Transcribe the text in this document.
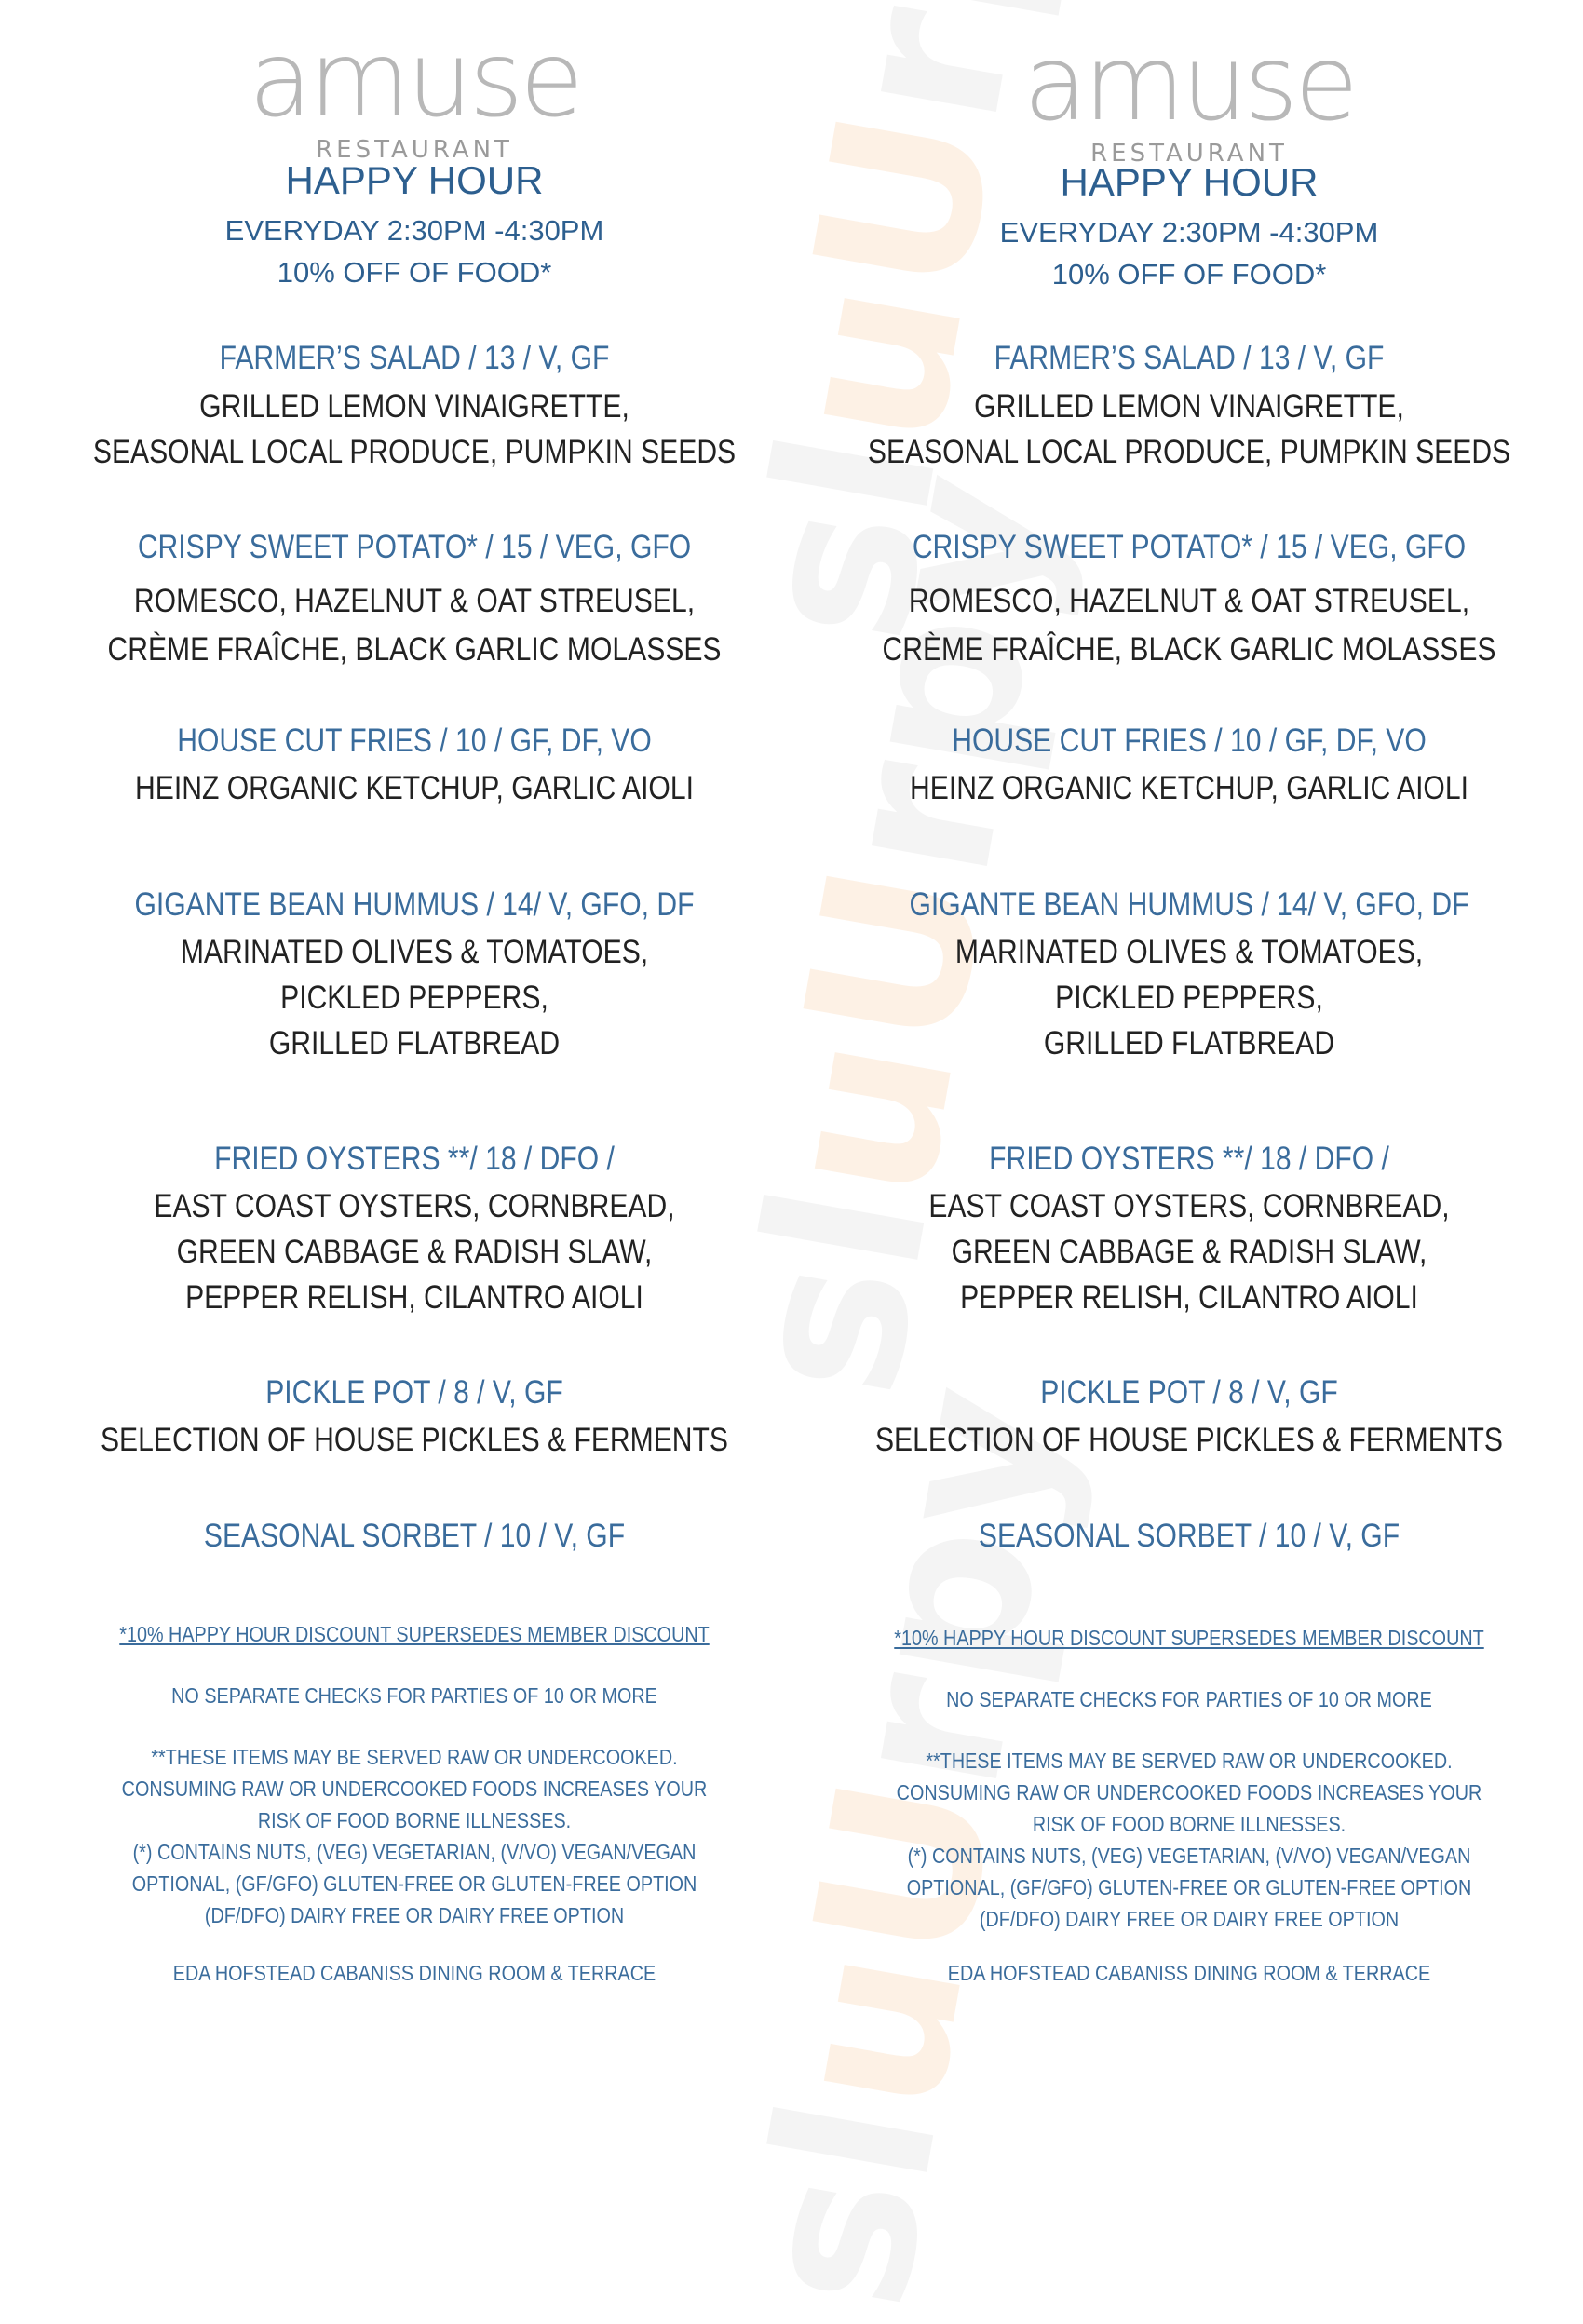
uU
uU
uU
amuse
RESTAURANT
HAPPY HOUR
EVERYDAY 2:30PM -4:30PM
10% OFF OF FOOD*
FARMER’S SALAD / 13 / V, GF
GRILLED LEMON VINAIGRETTE,
SEASONAL LOCAL PRODUCE, PUMPKIN SEEDS
CRISPY SWEET POTATO* / 15 / VEG, GFO
ROMESCO, HAZELNUT & OAT STREUSEL,
CRÈME FRAÎCHE, BLACK GARLIC MOLASSES
HOUSE CUT FRIES / 10 / GF, DF, VO
HEINZ ORGANIC KETCHUP, GARLIC AIOLI
GIGANTE BEAN HUMMUS / 14/ V, GFO, DF
MARINATED OLIVES & TOMATOES,
PICKLED PEPPERS,
GRILLED FLATBREAD
FRIED OYSTERS **/ 18 / DFO /
EAST COAST OYSTERS, CORNBREAD,
GREEN CABBAGE & RADISH SLAW,
PEPPER RELISH, CILANTRO AIOLI
PICKLE POT / 8 / V, GF
SELECTION OF HOUSE PICKLES & FERMENTS
SEASONAL SORBET / 10 / V, GF
*10% HAPPY HOUR DISCOUNT SUPERSEDES MEMBER DISCOUNT
NO SEPARATE CHECKS FOR PARTIES OF 10 OR MORE
**THESE ITEMS MAY BE SERVED RAW OR UNDERCOOKED.
CONSUMING RAW OR UNDERCOOKED FOODS INCREASES YOUR
RISK OF FOOD BORNE ILLNESSES.
(*) CONTAINS NUTS, (VEG) VEGETARIAN, (V/VO) VEGAN/VEGAN
OPTIONAL, (GF/GFO) GLUTEN-FREE OR GLUTEN-FREE OPTION
(DF/DFO) DAIRY FREE OR DAIRY FREE OPTION
EDA HOFSTEAD CABANISS DINING ROOM & TERRACE
amuse
RESTAURANT
HAPPY HOUR
EVERYDAY 2:30PM -4:30PM
10% OFF OF FOOD*
FARMER’S SALAD / 13 / V, GF
GRILLED LEMON VINAIGRETTE,
SEASONAL LOCAL PRODUCE, PUMPKIN SEEDS
CRISPY SWEET POTATO* / 15 / VEG, GFO
ROMESCO, HAZELNUT & OAT STREUSEL,
CRÈME FRAÎCHE, BLACK GARLIC MOLASSES
HOUSE CUT FRIES / 10 / GF, DF, VO
HEINZ ORGANIC KETCHUP, GARLIC AIOLI
GIGANTE BEAN HUMMUS / 14/ V, GFO, DF
MARINATED OLIVES & TOMATOES,
PICKLED PEPPERS,
GRILLED FLATBREAD
FRIED OYSTERS **/ 18 / DFO /
EAST COAST OYSTERS, CORNBREAD,
GREEN CABBAGE & RADISH SLAW,
PEPPER RELISH, CILANTRO AIOLI
PICKLE POT / 8 / V, GF
SELECTION OF HOUSE PICKLES & FERMENTS
SEASONAL SORBET / 10 / V, GF
*10% HAPPY HOUR DISCOUNT SUPERSEDES MEMBER DISCOUNT
NO SEPARATE CHECKS FOR PARTIES OF 10 OR MORE
**THESE ITEMS MAY BE SERVED RAW OR UNDERCOOKED.
CONSUMING RAW OR UNDERCOOKED FOODS INCREASES YOUR
RISK OF FOOD BORNE ILLNESSES.
(*) CONTAINS NUTS, (VEG) VEGETARIAN, (V/VO) VEGAN/VEGAN
OPTIONAL, (GF/GFO) GLUTEN-FREE OR GLUTEN-FREE OPTION
(DF/DFO) DAIRY FREE OR DAIRY FREE OPTION
EDA HOFSTEAD CABANISS DINING ROOM & TERRACE
